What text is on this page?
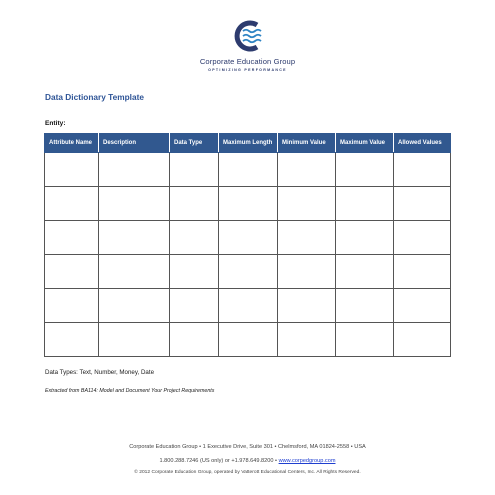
Corporate Education Group
OPTIMIZING PERFORMANCE
Data Dictionary Template
Entity:
Attribute Name	Description	Data Type	Maximum Length	Minimum Value	Maximum Value	Allowed Values

Data Types: Text, Number, Money, Date
Extracted from BA114: Model and Document Your Project Requirements
Corporate Education Group • 1 Executive Drive, Suite 301 • Chelmsford, MA 01824-2558 • USA
1.800.288.7246 (US only) or +1.978.649.8200 • www.corpedgroup.com
© 2012 Corporate Education Group, operated by Vatterott Educational Centers, Inc. All Rights Reserved.
